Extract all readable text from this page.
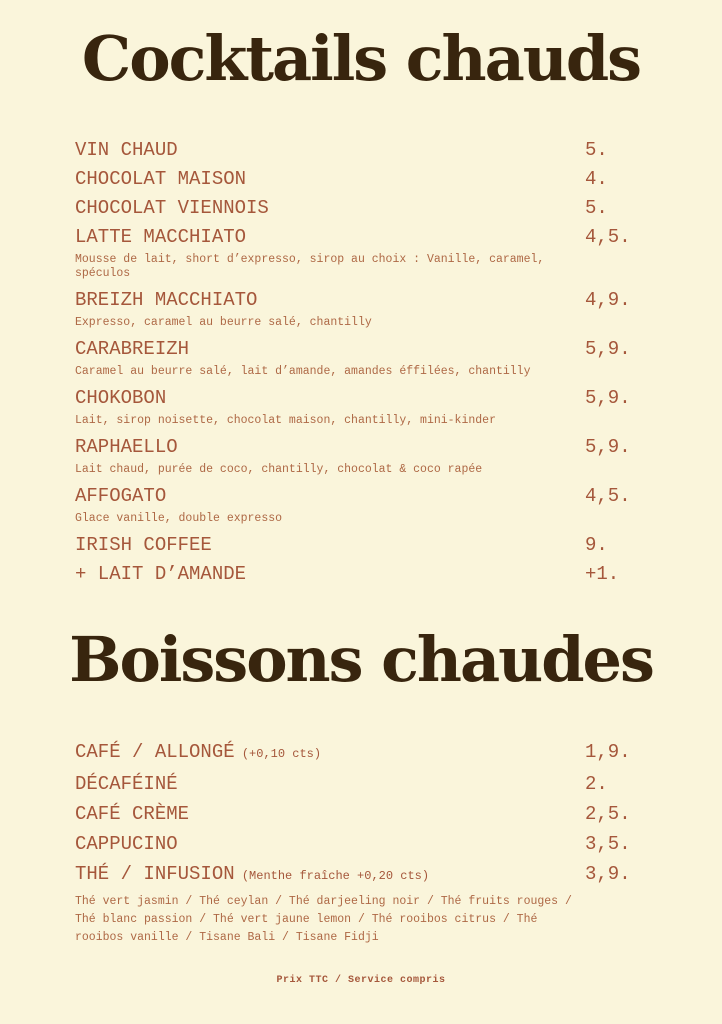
Cocktails chauds
VIN CHAUD	5.
CHOCOLAT MAISON	4.
CHOCOLAT VIENNOIS	5.
LATTE MACCHIATO	4,5.
Mousse de lait, short d’expresso, sirop au choix : Vanille, caramel, spéculos
BREIZH MACCHIATO	4,9.
Expresso, caramel au beurre salé, chantilly
CARABREIZH	5,9.
Caramel au beurre salé, lait d’amande, amandes éffilées, chantilly
CHOKOBON	5,9.
Lait, sirop noisette, chocolat maison, chantilly, mini-kinder
RAPHAELLO	5,9.
Lait chaud, purée de coco, chantilly, chocolat & coco rapée
AFFOGATO	4,5.
Glace vanille, double expresso
IRISH COFFEE	9.
+ LAIT D’AMANDE	+1.
Boissons chaudes
CAFÉ / ALLONGÉ (+0,10 cts)	1,9.
DÉCAFÉINÉ	2.
CAFÉ CRÈME	2,5.
CAPPUCINO	3,5.
THÉ / INFUSION (Menthe fraîche +0,20 cts)	3,9.
Thé vert jasmin / Thé ceylan / Thé darjeeling noir / Thé fruits rouges / Thé blanc passion / Thé vert jaune lemon / Thé rooibos citrus / Thé rooibos vanille / Tisane Bali / Tisane Fidji
Prix TTC / Service compris
